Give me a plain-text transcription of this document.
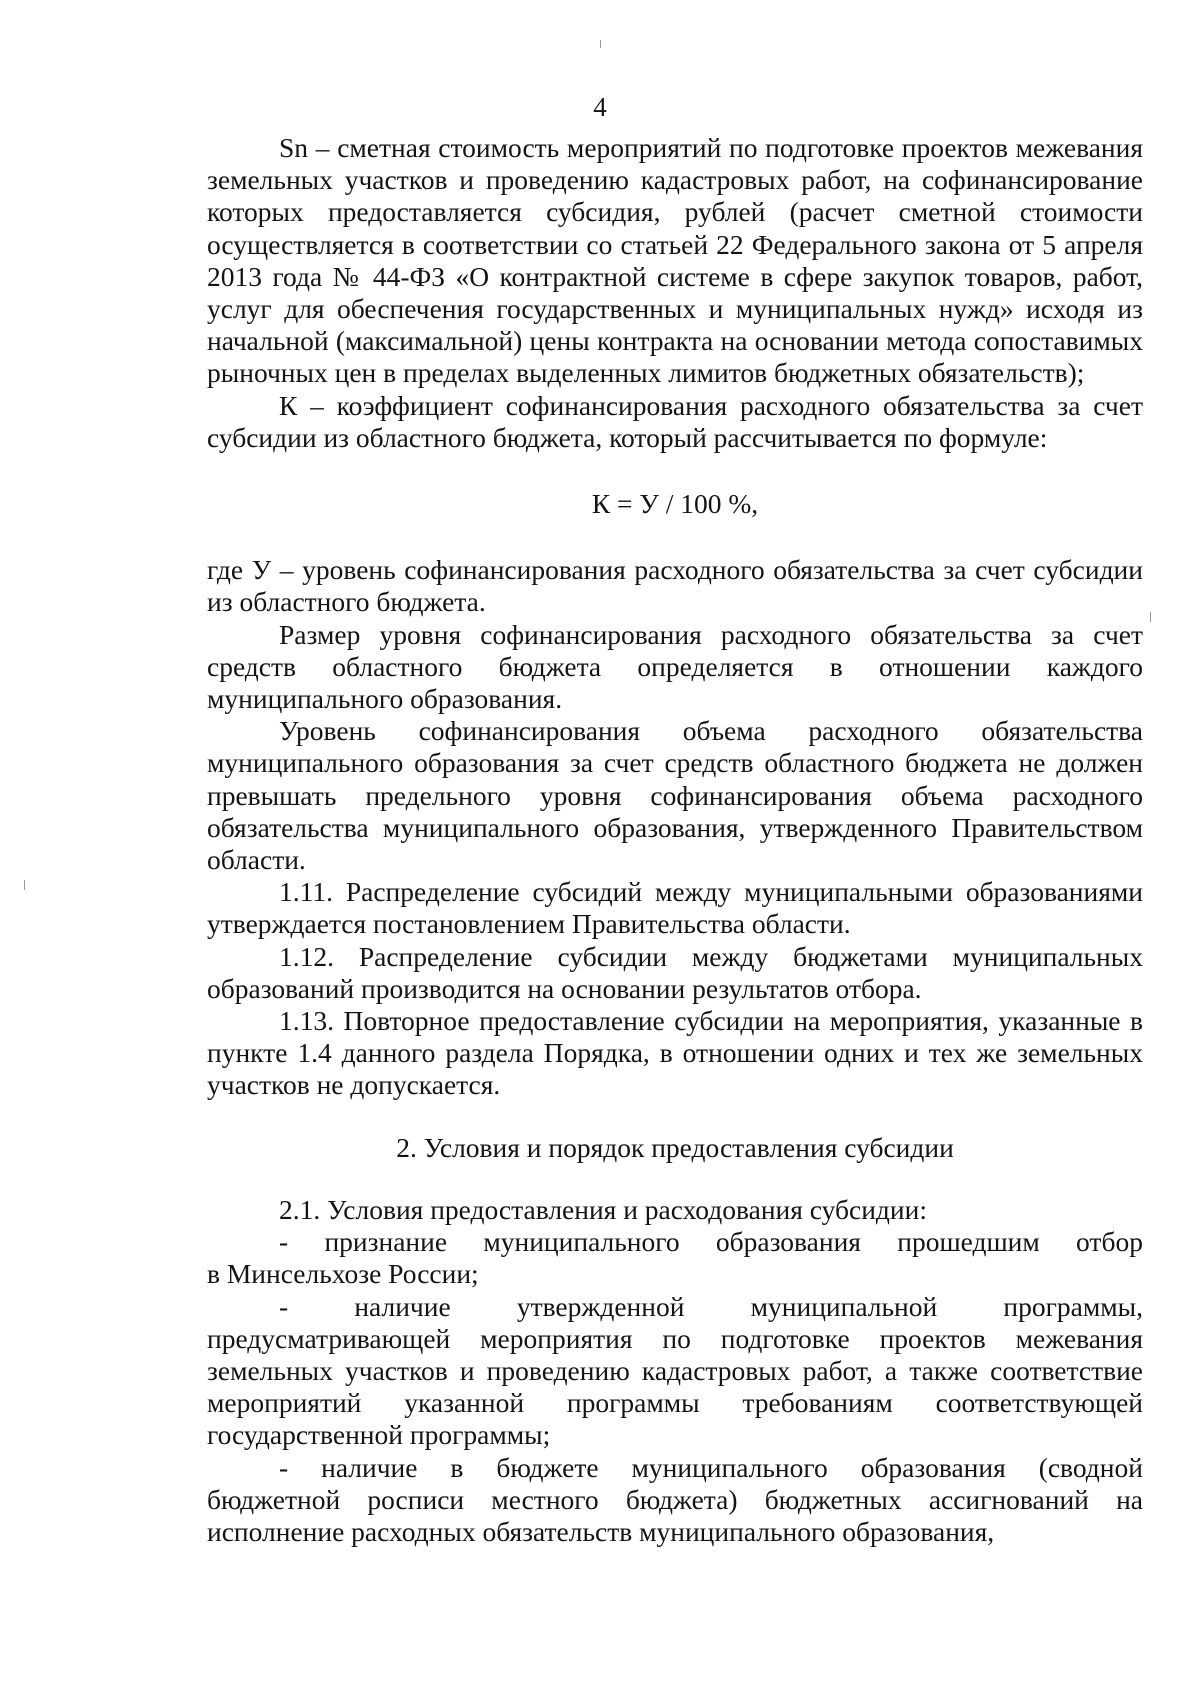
4

Sn – сметная стоимость мероприятий по подготовке проектов межевания земельных участков и проведению кадастровых работ, на софинансирование которых предоставляется субсидия, рублей (расчет сметной стоимости осуществляется в соответствии со статьей 22 Федерального закона от 5 апреля 2013 года № 44-ФЗ «О контрактной системе в сфере закупок товаров, работ, услуг для обеспечения государственных и муниципальных нужд» исходя из начальной (максимальной) цены контракта на основании метода сопоставимых рыночных цен в пределах выделенных лимитов бюджетных обязательств);

К – коэффициент софинансирования расходного обязательства за счет субсидии из областного бюджета, который рассчитывается по формуле:

К = У / 100 %,

где У – уровень софинансирования расходного обязательства за счет субсидии из областного бюджета.

Размер уровня софинансирования расходного обязательства за счет средств областного бюджета определяется в отношении каждого муниципального образования.

Уровень софинансирования объема расходного обязательства муниципального образования за счет средств областного бюджета не должен превышать предельного уровня софинансирования объема расходного обязательства муниципального образования, утвержденного Правительством области.

1.11. Распределение субсидий между муниципальными образованиями утверждается постановлением Правительства области.

1.12. Распределение субсидии между бюджетами муниципальных образований производится на основании результатов отбора.

1.13. Повторное предоставление субсидии на мероприятия, указанные в пункте 1.4 данного раздела Порядка, в отношении одних и тех же земельных участков не допускается.

2. Условия и порядок предоставления субсидии

2.1. Условия предоставления и расходования субсидии:

- признание муниципального образования прошедшим отбор

в Минсельхозе России;

- наличие утвержденной муниципальной программы,

предусматривающей мероприятия по подготовке проектов межевания земельных участков и проведению кадастровых работ, а также соответствие мероприятий указанной программы требованиям соответствующей государственной программы;

- наличие в бюджете муниципального образования (сводной

бюджетной росписи местного бюджета) бюджетных ассигнований на исполнение расходных обязательств муниципального образования,
